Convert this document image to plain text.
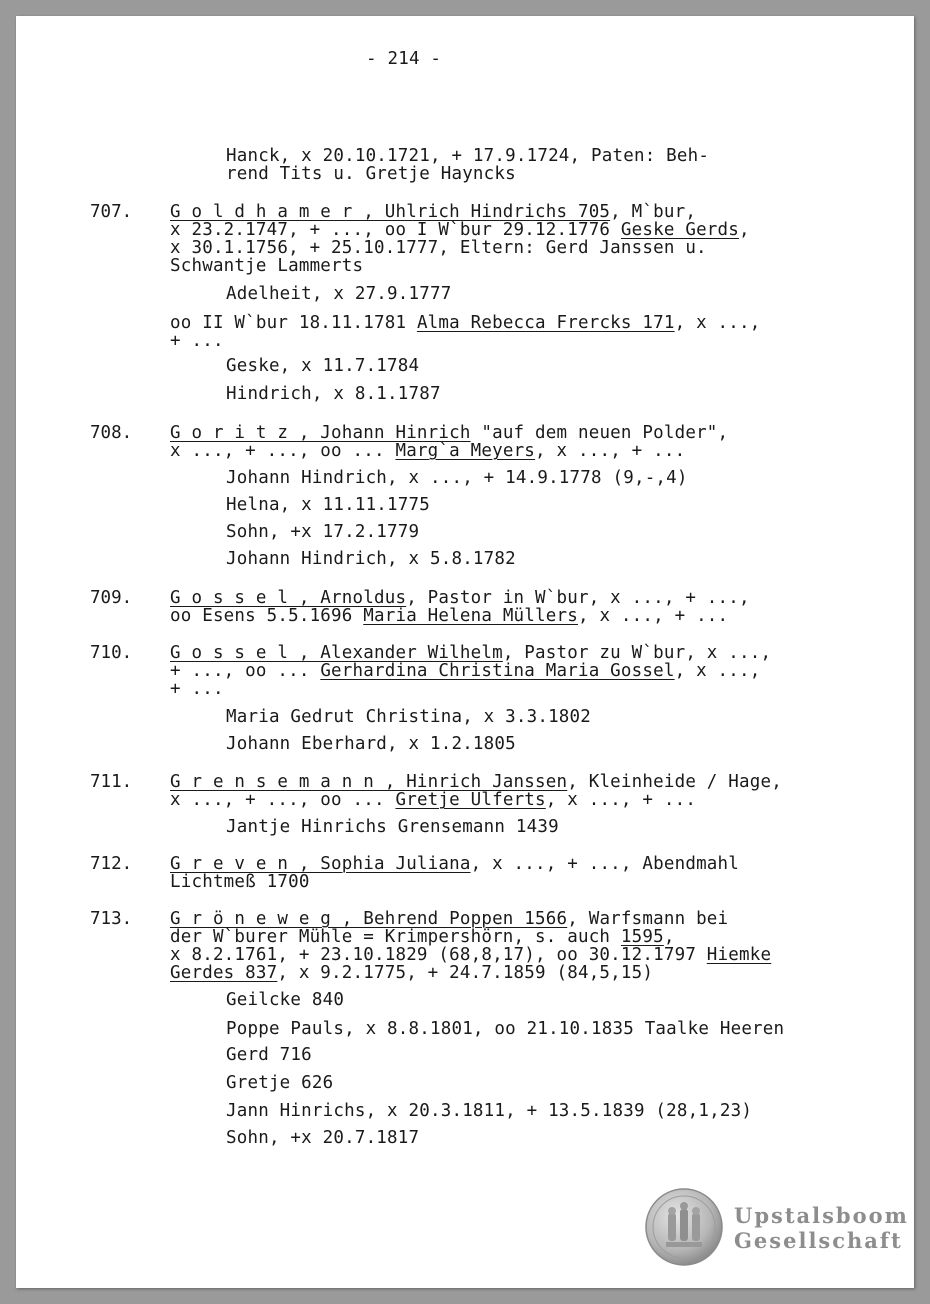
- 214 -
Hanck, x 20.10.1721, + 17.9.1724, Paten: Beh-
rend Tits u. Gretje Hayncks
707. G o l d h a m e r , Uhlrich Hindrichs 705, M`bur,
x 23.2.1747, + ..., oo I W`bur 29.12.1776 Geske Gerds,
x 30.1.1756, + 25.10.1777, Eltern: Gerd Janssen u.
Schwantje Lammerts
Adelheit, x 27.9.1777
oo II W`bur 18.11.1781 Alma Rebecca Frercks 171, x ...,
+ ...
Geske, x 11.7.1784
Hindrich, x 8.1.1787
708. G o r i t z , Johann Hinrich "auf dem neuen Polder",
x ..., + ..., oo ... Marg`a Meyers, x ..., + ...
Johann Hindrich, x ..., + 14.9.1778 (9,-,4)
Helna, x 11.11.1775
Sohn, +x 17.2.1779
Johann Hindrich, x 5.8.1782
709. G o s s e l , Arnoldus, Pastor in W`bur, x ..., + ...,
oo Esens 5.5.1696 Maria Helena Müllers, x ..., + ...
710. G o s s e l , Alexander Wilhelm, Pastor zu W`bur, x ...,
+ ..., oo ... Gerhardina Christina Maria Gossel, x ...,
+ ...
Maria Gedrut Christina, x 3.3.1802
Johann Eberhard, x 1.2.1805
711. G r e n s e m a n n , Hinrich Janssen, Kleinheide / Hage,
x ..., + ..., oo ... Gretje Ulferts, x ..., + ...
Jantje Hinrichs Grensemann 1439
712. G r e v e n , Sophia Juliana, x ..., + ..., Abendmahl
Lichtmeß 1700
713. G r ö n e w e g , Behrend Poppen 1566, Warfsmann bei
der W`burer Mühle = Krimpershörn, s. auch 1595,
x 8.2.1761, + 23.10.1829 (68,8,17), oo 30.12.1797 Hiemke
Gerdes 837, x 9.2.1775, + 24.7.1859 (84,5,15)
Geilcke 840
Poppe Pauls, x 8.8.1801, oo 21.10.1835 Taalke Heeren
Gerd 716
Gretje 626
Jann Hinrichs, x 20.3.1811, + 13.5.1839 (28,1,23)
Sohn, +x 20.7.1817
Upstalsboom
Gesellschaft
